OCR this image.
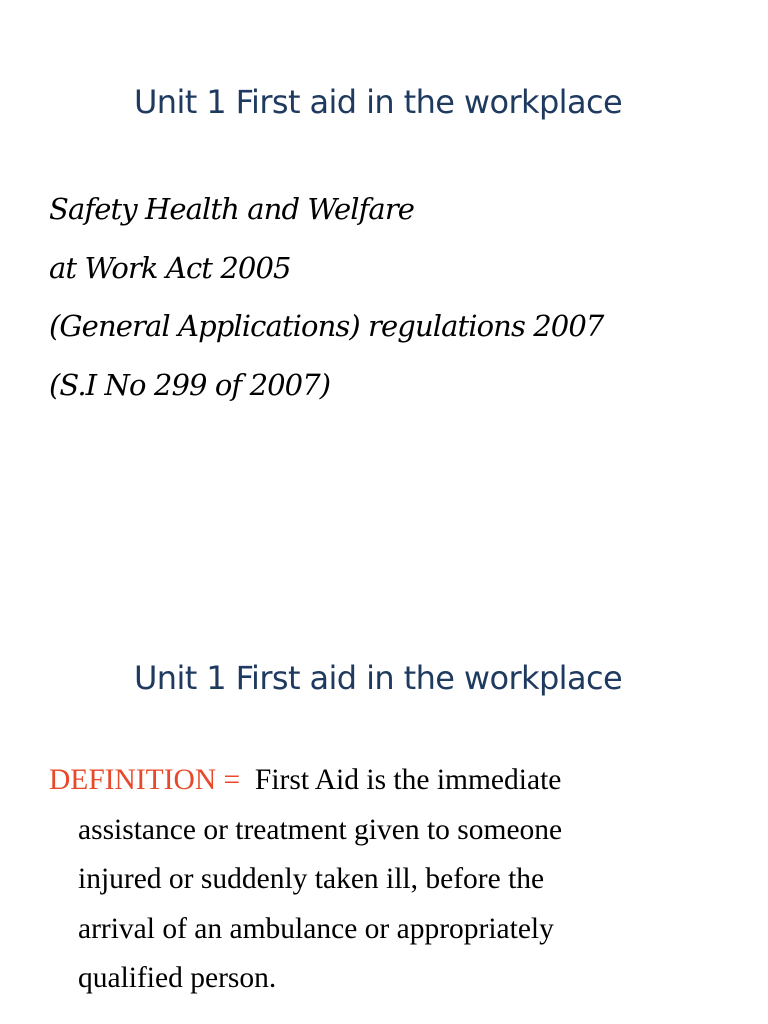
Unit 1 First aid in the workplace
Safety Health and Welfare
at Work Act 2005
(General Applications) regulations 2007
(S.I No 299 of 2007)
Unit 1 First aid in the workplace
DEFINITION = First Aid is the immediate
assistance or treatment given to someone
injured or suddenly taken ill, before the
arrival of an ambulance or appropriately
qualified person.
